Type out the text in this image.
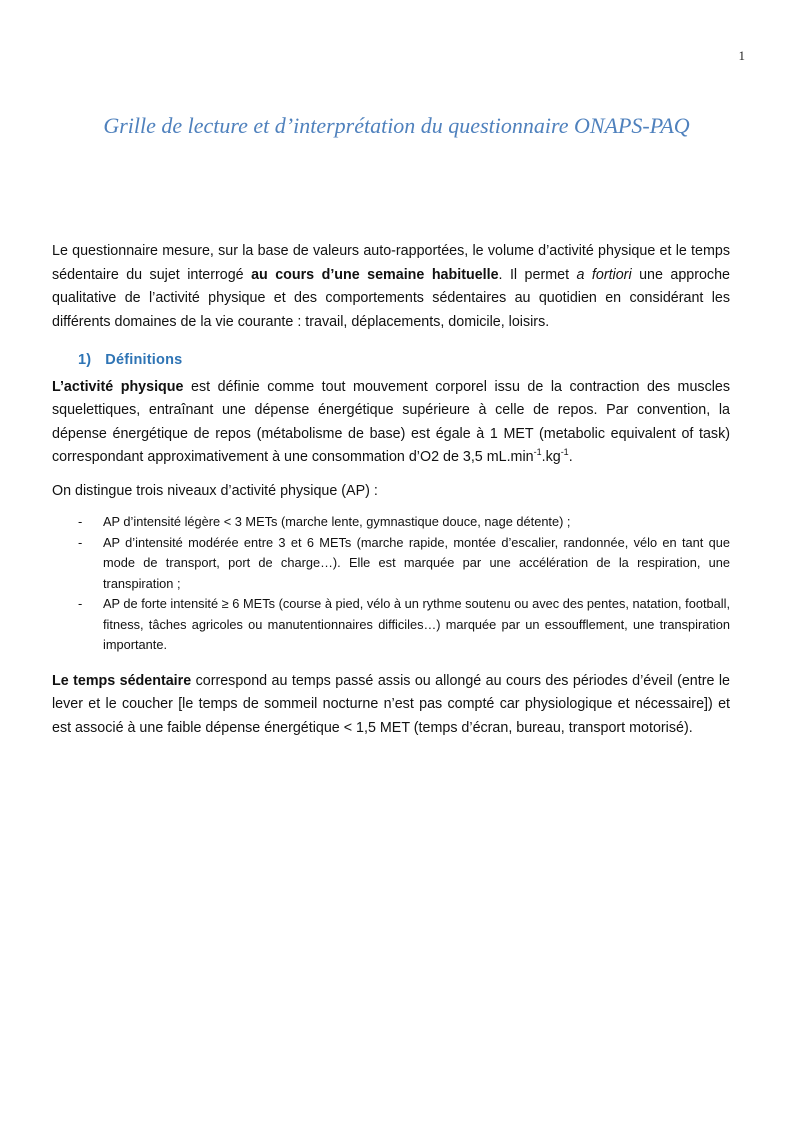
1
Grille de lecture et d’interprétation du questionnaire ONAPS-PAQ

Le questionnaire mesure, sur la base de valeurs auto-rapportées, le volume d’activité physique et le temps sédentaire du sujet interrogé au cours d’une semaine habituelle. Il permet a fortiori une approche qualitative de l’activité physique et des comportements sédentaires au quotidien en considérant les différents domaines de la vie courante : travail, déplacements, domicile, loisirs.

1) Définitions

L’activité physique est définie comme tout mouvement corporel issu de la contraction des muscles squelettiques, entraînant une dépense énergétique supérieure à celle de repos. Par convention, la dépense énergétique de repos (métabolisme de base) est égale à 1 MET (metabolic equivalent of task) correspondant approximativement à une consommation d’O2 de 3,5 $mL.\min^{-1}.kg^{-1}$.

On distingue trois niveaux d’activité physique (AP) :

- AP d’intensité légère < 3 METs (marche lente, gymnastique douce, nage détente) ;
- AP d’intensité modérée entre 3 et 6 METs (marche rapide, montée d’escalier, randonnée, vélo en tant que mode de transport, port de charge…). Elle est marquée par une accélération de la respiration, une transpiration ;
- AP de forte intensité ≥ 6 METs (course à pied, vélo à un rythme soutenu ou avec des pentes, natation, football, fitness, tâches agricoles ou manutentionnaires difficiles…) marquée par un essoufflement, une transpiration importante.

Le temps sédentaire correspond au temps passé assis ou allongé au cours des périodes d’éveil (entre le lever et le coucher [le temps de sommeil nocturne n’est pas compté car physiologique et nécessaire]) et est associé à une faible dépense énergétique < 1,5 MET (temps d’écran, bureau, transport motorisé).
